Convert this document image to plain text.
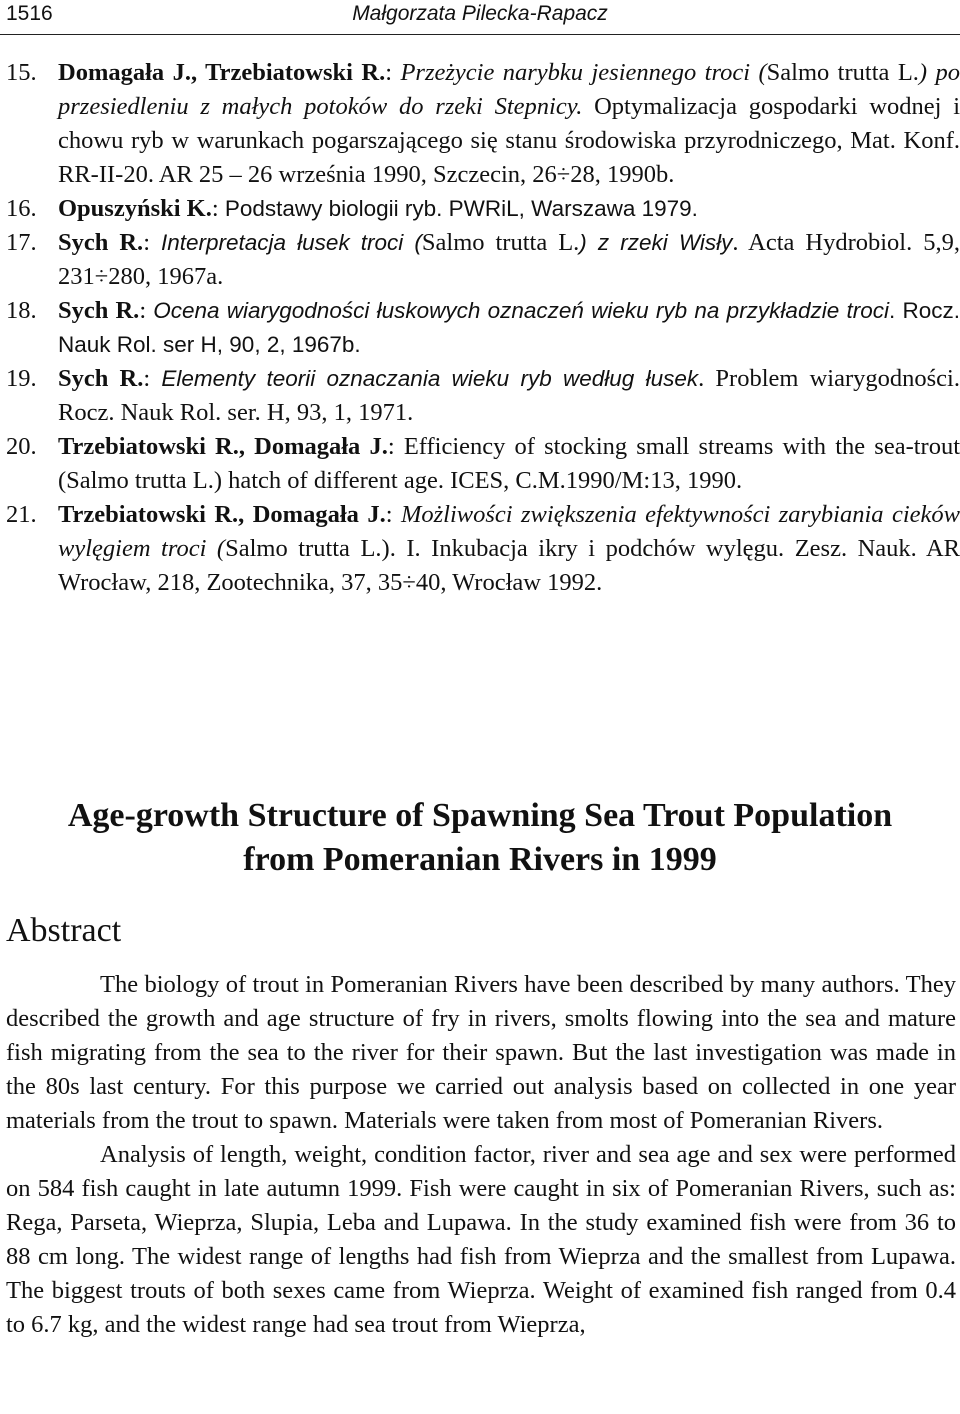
1516	Małgorzata Pilecka-Rapacz
15. Domagała J., Trzebiatowski R.: Przeżycie narybku jesiennego troci (Salmo trutta L.) po przesiedleniu z małych potoków do rzeki Stepnicy. Optymalizacja gospodarki wodnej i chowu ryb w warunkach pogarszającego się stanu środowiska przyrodniczego, Mat. Konf. RR-II-20. AR 25 – 26 września 1990, Szczecin, 26÷28, 1990b.
16. Opuszyński K.: Podstawy biologii ryb. PWRiL, Warszawa 1979.
17. Sych R.: Interpretacja łusek troci (Salmo trutta L.) z rzeki Wisły. Acta Hydrobiol. 5,9, 231÷280, 1967a.
18. Sych R.: Ocena wiarygodności łuskowych oznaczeń wieku ryb na przykładzie troci. Rocz. Nauk Rol. ser H, 90, 2, 1967b.
19. Sych R.: Elementy teorii oznaczania wieku ryb według łusek. Problem wiarygodności. Rocz. Nauk Rol. ser. H, 93, 1, 1971.
20. Trzebiatowski R., Domagała J.: Efficiency of stocking small streams with the sea-trout (Salmo trutta L.) hatch of different age. ICES, C.M.1990/M:13, 1990.
21. Trzebiatowski R., Domagała J.: Możliwości zwiększenia efektywności zarybiania cieków wylęgiem troci (Salmo trutta L.). I. Inkubacja ikry i podchów wylęgu. Zesz. Nauk. AR Wrocław, 218, Zootechnika, 37, 35÷40, Wrocław 1992.
Age-growth Structure of Spawning Sea Trout Population
from Pomeranian Rivers in 1999
Abstract

The biology of trout in Pomeranian Rivers have been described by many authors. They described the growth and age structure of fry in rivers, smolts flowing into the sea and mature fish migrating from the sea to the river for their spawn. But the last investigation was made in the 80s last century. For this purpose we carried out analysis based on collected in one year materials from the trout to spawn. Materials were taken from most of Pomeranian Rivers.

Analysis of length, weight, condition factor, river and sea age and sex were performed on 584 fish caught in late autumn 1999. Fish were caught in six of Pomeranian Rivers, such as: Rega, Parseta, Wieprza, Slupia, Leba and Lupawa. In the study examined fish were from 36 to 88 cm long. The widest range of lengths had fish from Wieprza and the smallest from Lupawa. The biggest trouts of both sexes came from Wieprza. Weight of examined fish ranged from 0.4 to 6.7 kg, and the widest range had sea trout from Wieprza,
